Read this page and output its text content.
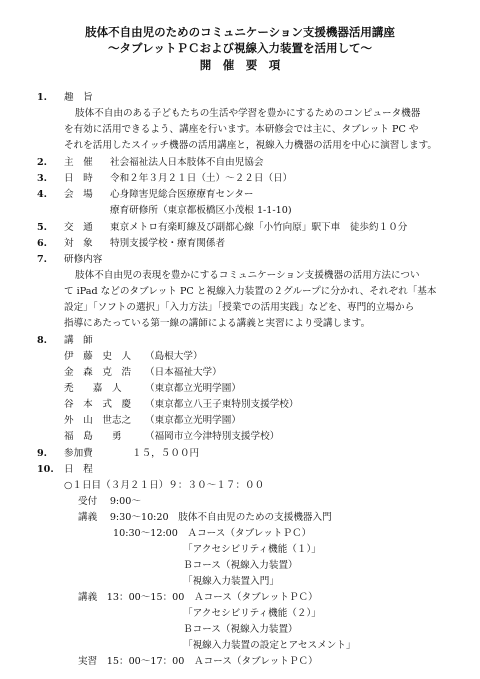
肢体不自由児のためのコミュニケーション支援機器活用講座
～タブレットＰＣおよび視線入力装置を活用して～
開　催　要　項
1. 趣　旨
肢体不自由のある子どもたちの生活や学習を豊かにするためのコンピュータ機器
を有効に活用できるよう、講座を行います。本研修会では主に、タブレット PC や
それを活用したスイッチ機器の活用講座と，視線入力機器の活用を中心に演習します。
2. 主　催 社会福祉法人日本肢体不自由児協会
3. 日　時 令和２年３月２１日（土）～２２日（日）
4. 会　場 心身障害児総合医療療育センター
療育研修所（東京都板橋区小茂根 1-1-10)
5. 交　通 東京メトロ有楽町線及び副都心線「小竹向原」駅下車　徒歩約１０分
6. 対　象 特別支援学校・療育関係者
7. 研修内容
肢体不自由児の表現を豊かにするコミュニケーション支援機器の活用方法につい
て iPad などのタブレット PC と視線入力装置の２グループに分かれ、それぞれ「基本
設定」「ソフトの選択」「入力方法」「授業での活用実践」などを、専門的立場から
指導にあたっている第一線の講師による講義と実習により受講します。
8. 講　師
伊　藤　史　人 （島根大学）
金　森　克　浩 （日本福祉大学）
禿　　嘉　人 （東京都立光明学園）
谷　本　式　慶 （東京都立八王子東特別支援学校）
外　山　世志之 （東京都立光明学園）
福　島　　勇 （福岡市立今津特別支援学校）
9. 参加費	１５，５００円
10. 日　程
○１日目（３月２１日）９：３０～１７：００
受付　 9:00～
講義　 9:30～10:20　肢体不自由児のための支援機器入門
10:30～12:00　Ａコース（タブレットＰＣ）
「アクセシビリティ機能（１）」
Ｂコース（視線入力装置）
「視線入力装置入門」
講義　13：00～15：00　Ａコース（タブレットＰＣ）
「アクセシビリティ機能（２）」
Ｂコース（視線入力装置）
「視線入力装置の設定とアセスメント」
実習　15：00～17：00　Ａコース（タブレットＰＣ）
